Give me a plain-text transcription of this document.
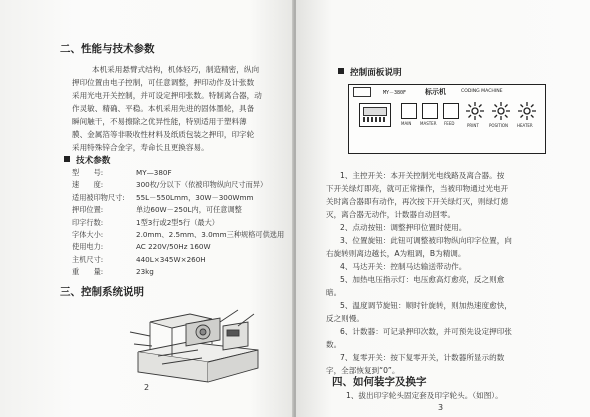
二、性能与技术参数
本机采用悬臂式结构，机体轻巧，制造精密，纵向
押印位置由电子控制，可任意调整，押印动作及计张数
采用光电开关控制，并可设定押印张数。特制离合器，动
作灵敏、精确、平稳。本机采用先进的固体墨轮，具备
瞬间触干，不易擦除之优异性能，特别适用于塑料薄
膜、金属箔等非吸收性材料及纸质包装之押印，印字轮
采用特殊锌合金字，寿命长且更换容易。
技术参数
型　　号:	MY—380F
速　　度:	300枚/分以下（依被印物纵向尺寸而异）
适用被印物尺寸:	55L－550Lmm，30W－300Wmm
押印位置:	单边60W－250L内，可任意调整
印字行数:	1型3行或2型5行（最大）
字体大小:	2.0mm、2.5mm、3.0mm三种规格可供选用
使用电力:	AC 220V/50Hz 160W
主机尺寸:	440L×345W×260H
重　　量:	23kg
三、控制系统说明
2
控制面板说明
MY－380F	标示机	CODING MACHINE
MAIN MASTER FEED	PRINT	POSITION HEATER
1、主控开关：本开关控制光电线路及离合器。按
下开关绿灯即亮，就可正常操作，当被印物通过光电开
关时离合器即有动作，再次按下开关绿灯灭，则绿灯熄
灭，离合器无动作，计数器自动回零。
2、点动按钮：调整押印位置时使用。
3、位置旋钮：此钮可调整被印物纵向印字位置，向
右旋转则离边越长，A为粗调，B为精调。
4、马达开关：控制马达输送带动作。
5、加热电压指示灯：电压愈高灯愈亮，反之则愈
暗。
5、温度调节旋钮：顺时针旋转，则加热速度愈快，
反之则慢。
6、计数器：可记录押印次数，并可预先设定押印张
数。
7、复零开关：按下复零开关，计数器所显示的数
字，全部恢复到“0”。
四、如何装字及换字
1、拔出印字轮头固定套及印字轮头。（如图）。
3
